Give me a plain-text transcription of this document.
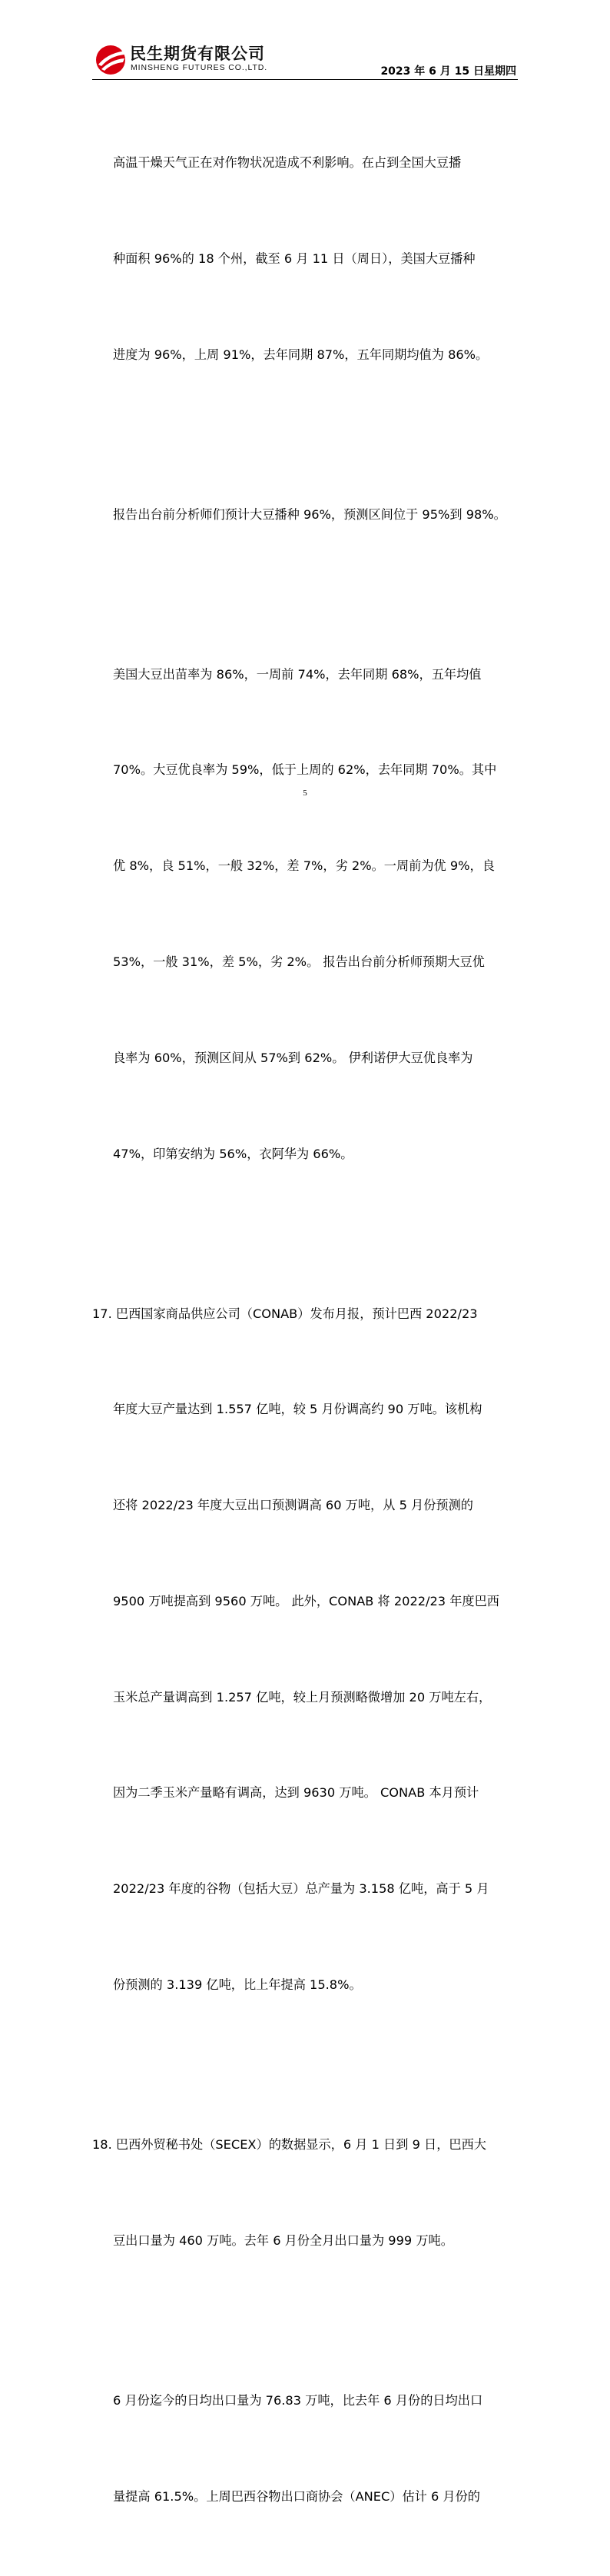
民生期货有限公司
MINSHENG FUTURES CO.,LTD.	2023 年 6 月 15 日星期四

高温干燥天气正在对作物状况造成不利影响。在占到全国大豆播

种面积 96%的 18 个州，截至 6 月 11 日（周日），美国大豆播种

进度为 96%，上周 91%，去年同期 87%，五年同期均值为 86%。

报告出台前分析师们预计大豆播种 96%，预测区间位于 95%到 98%。

美国大豆出苗率为 86%，一周前 74%，去年同期 68%，五年均值

70%。大豆优良率为 59%，低于上周的 62%，去年同期 70%。其中

优 8%，良 51%，一般 32%，差 7%，劣 2%。一周前为优 9%，良

53%，一般 31%，差 5%，劣 2%。 报告出台前分析师预期大豆优

良率为 60%，预测区间从 57%到 62%。 伊利诺伊大豆优良率为

47%，印第安纳为 56%，衣阿华为 66%。

17. 巴西国家商品供应公司（CONAB）发布月报，预计巴西 2022/23

年度大豆产量达到 1.557 亿吨，较 5 月份调高约 90 万吨。该机构

还将 2022/23 年度大豆出口预测调高 60 万吨，从 5 月份预测的

9500 万吨提高到 9560 万吨。 此外，CONAB 将 2022/23 年度巴西

玉米总产量调高到 1.257 亿吨，较上月预测略微增加 20 万吨左右，

因为二季玉米产量略有调高，达到 9630 万吨。 CONAB 本月预计

2022/23 年度的谷物（包括大豆）总产量为 3.158 亿吨，高于 5 月

份预测的 3.139 亿吨，比上年提高 15.8%。

18. 巴西外贸秘书处（SECEX）的数据显示，6 月 1 日到 9 日，巴西大

豆出口量为 460 万吨。去年 6 月份全月出口量为 999 万吨。

6 月份迄今的日均出口量为 76.83 万吨，比去年 6 月份的日均出口

量提高 61.5%。上周巴西谷物出口商协会（ANEC）估计 6 月份的

5
